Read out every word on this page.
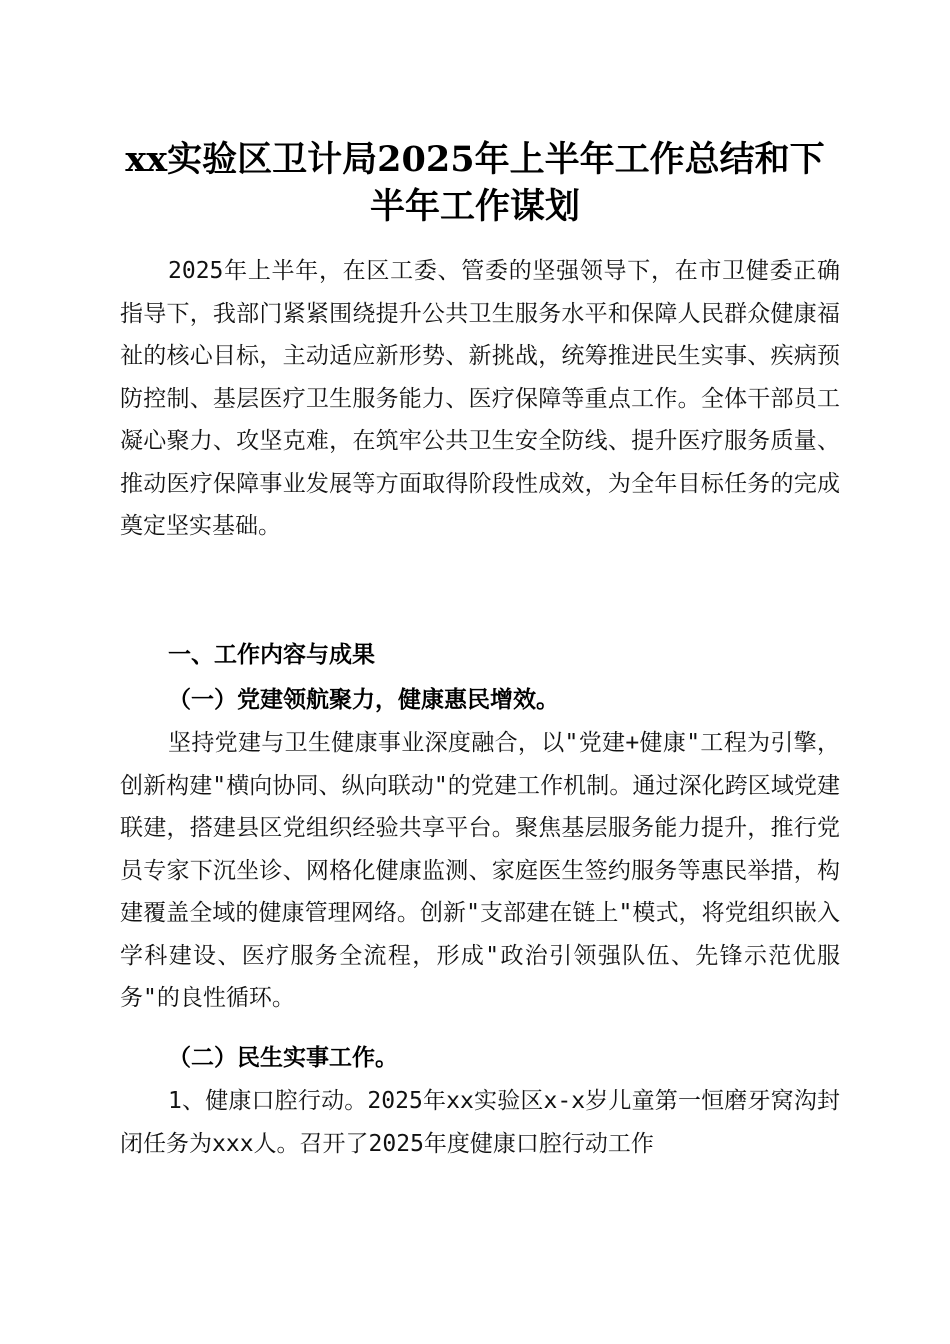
xx实验区卫计局2025年上半年工作总结和下
半年工作谋划

2025年上半年，在区工委、管委的坚强领导下，在市卫健委正确指导下，我部门紧紧围绕提升公共卫生服务水平和保障人民群众健康福祉的核心目标，主动适应新形势、新挑战，统筹推进民生实事、疾病预防控制、基层医疗卫生服务能力、医疗保障等重点工作。全体干部员工凝心聚力、攻坚克难，在筑牢公共卫生安全防线、提升医疗服务质量、推动医疗保障事业发展等方面取得阶段性成效，为全年目标任务的完成奠定坚实基础。

一、工作内容与成果
（一）党建领航聚力，健康惠民增效。

坚持党建与卫生健康事业深度融合，以"党建+健康"工程为引擎，创新构建"横向协同、纵向联动"的党建工作机制。通过深化跨区域党建联建，搭建县区党组织经验共享平台。聚焦基层服务能力提升，推行党员专家下沉坐诊、网格化健康监测、家庭医生签约服务等惠民举措，构建覆盖全域的健康管理网络。创新"支部建在链上"模式，将党组织嵌入学科建设、医疗服务全流程，形成"政治引领强队伍、先锋示范优服务"的良性循环。

（二）民生实事工作。

1、健康口腔行动。2025年xx实验区x-x岁儿童第一恒磨牙窝沟封闭任务为xxx人。召开了2025年度健康口腔行动工作
